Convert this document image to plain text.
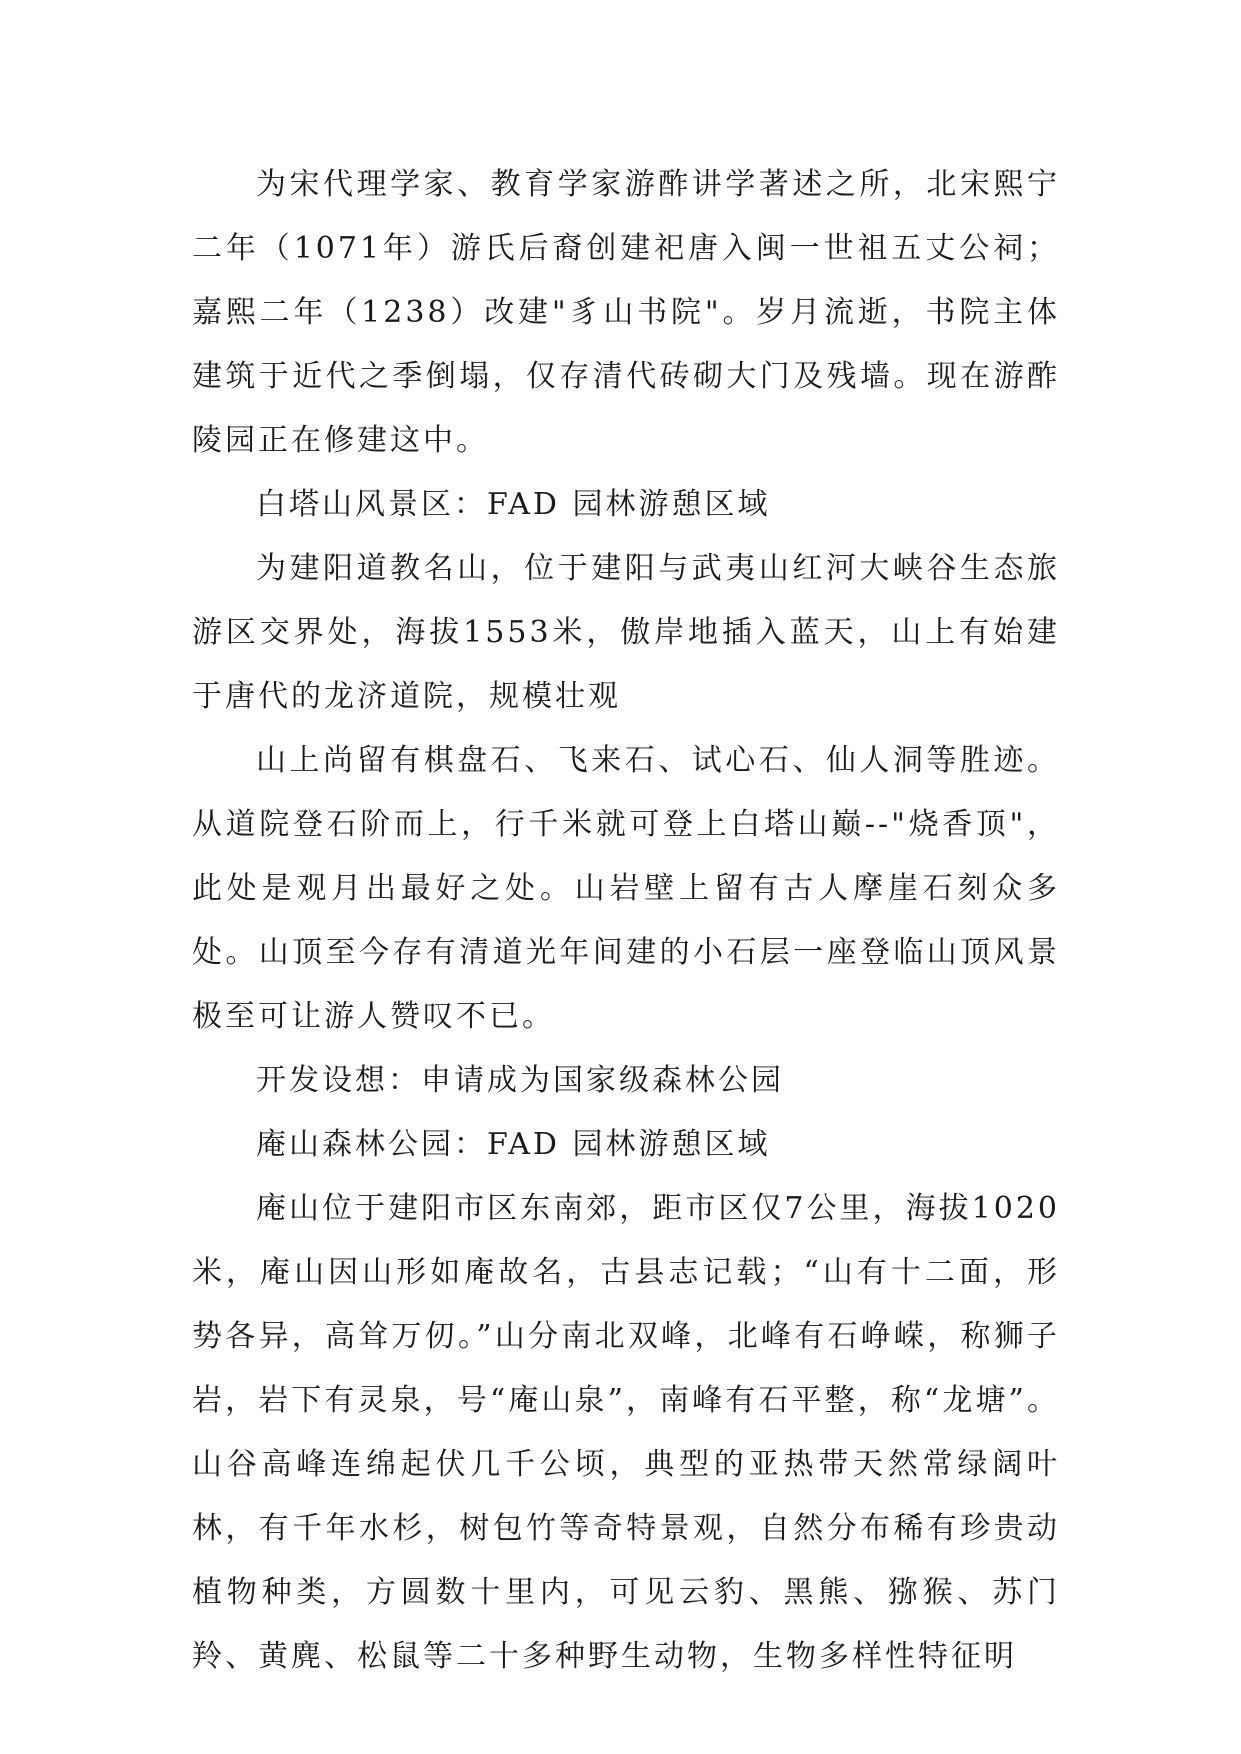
为宋代理学家、教育学家游酢讲学著述之所，北宋熙宁二年（1071年）游氏后裔创建祀唐入闽一世祖五丈公祠；嘉熙二年（1238）改建"豸山书院"。岁月流逝，书院主体建筑于近代之季倒塌，仅存清代砖砌大门及残墙。现在游酢陵园正在修建这中。

白塔山风景区：FAD 园林游憩区域

为建阳道教名山，位于建阳与武夷山红河大峡谷生态旅游区交界处，海拔1553米，傲岸地插入蓝天，山上有始建于唐代的龙济道院，规模壮观

山上尚留有棋盘石、飞来石、试心石、仙人洞等胜迹。从道院登石阶而上，行千米就可登上白塔山巅--"烧香顶"，此处是观月出最好之处。山岩壁上留有古人摩崖石刻众多处。山顶至今存有清道光年间建的小石层一座登临山顶风景极至可让游人赞叹不已。

开发设想：申请成为国家级森林公园

庵山森林公园：FAD 园林游憩区域

庵山位于建阳市区东南郊，距市区仅7公里，海拔1020米，庵山因山形如庵故名，古县志记载；“山有十二面，形势各异，高耸万仞。”山分南北双峰，北峰有石峥嵘，称狮子岩，岩下有灵泉，号“庵山泉”，南峰有石平整，称“龙塘”。山谷高峰连绵起伏几千公顷，典型的亚热带天然常绿阔叶林，有千年水杉，树包竹等奇特景观，自然分布稀有珍贵动植物种类，方圆数十里内，可见云豹、黑熊、猕猴、苏门羚、黄麂、松鼠等二十多种野生动物，生物多样性特征明
